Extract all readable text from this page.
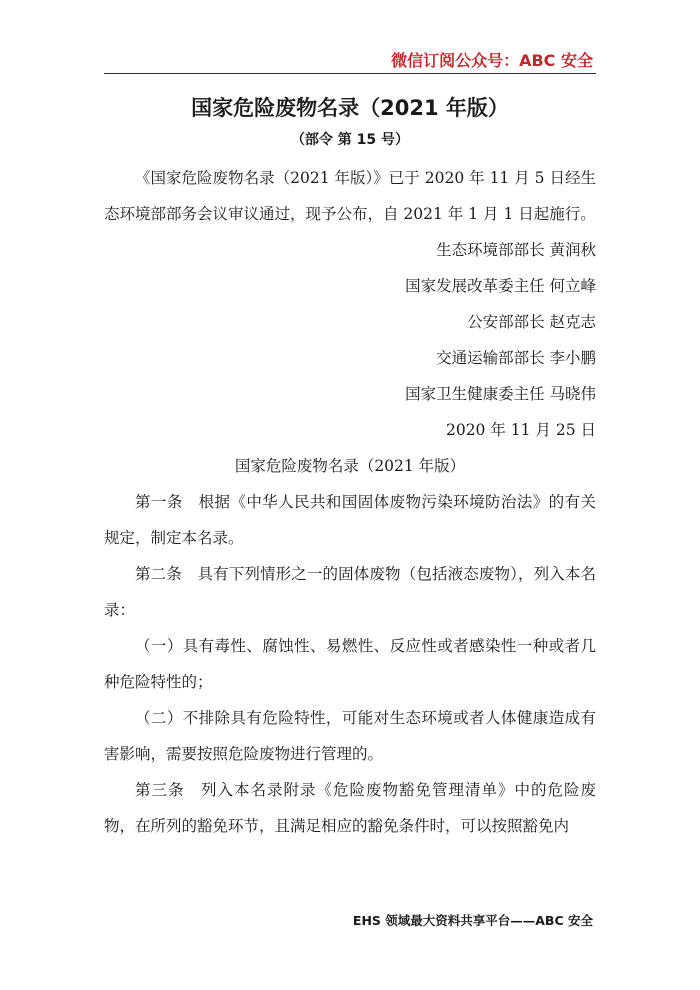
微信订阅公众号：ABC 安全
国家危险废物名录（2021 年版）
（部令 第 15 号）

《国家危险废物名录（2021 年版）》已于 2020 年 11 月 5 日经生态环境部部务会议审议通过，现予公布，自 2021 年 1 月 1 日起施行。

生态环境部部长 黄润秋

国家发展改革委主任 何立峰

公安部部长 赵克志

交通运输部部长 李小鹏

国家卫生健康委主任 马晓伟

2020 年 11 月 25 日

国家危险废物名录（2021 年版）

第一条　根据《中华人民共和国固体废物污染环境防治法》的有关规定，制定本名录。

第二条　具有下列情形之一的固体废物（包括液态废物），列入本名录：

（一）具有毒性、腐蚀性、易燃性、反应性或者感染性一种或者几种危险特性的；

（二）不排除具有危险特性，可能对生态环境或者人体健康造成有害影响，需要按照危险废物进行管理的。

第三条　列入本名录附录《危险废物豁免管理清单》中的危险废物，在所列的豁免环节，且满足相应的豁免条件时，可以按照豁免内

EHS 领域最大资料共享平台——ABC 安全
